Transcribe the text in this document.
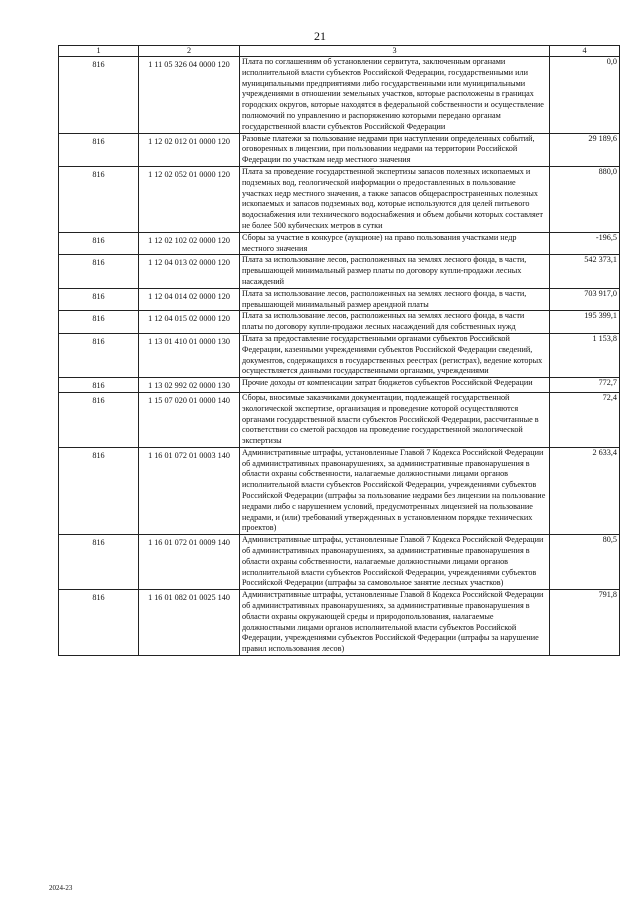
21
1	2	3	4
816	1 11 05 326 04 0000 120	Плата по соглашениям об установлении сервитута, заключенным органами исполнительной власти субъектов Российской Федерации, государственными или муниципальными предприятиями либо государственными или муниципальными учреждениями в отношении земельных участков, которые расположены в границах городских округов, которые находятся в федеральной собственности и осуществление полномочий по управлению и распоряжению которыми передано органам государственной власти субъектов Российской Федерации	0,0
816	1 12 02 012 01 0000 120	Разовые платежи за пользование недрами при наступлении определенных событий, оговоренных в лицензии, при пользовании недрами на территории Российской Федерации по участкам недр местного значения	29 189,6
816	1 12 02 052 01 0000 120	Плата за проведение государственной экспертизы запасов полезных ископаемых и подземных вод, геологической информации о предоставленных в пользование участках недр местного значения, а также запасов общераспространенных полезных ископаемых и запасов подземных вод, которые используются для целей питьевого водоснабжения или технического водоснабжения и объем добычи которых составляет не более 500 кубических метров в сутки	880,0
816	1 12 02 102 02 0000 120	Сборы за участие в конкурсе (аукционе) на право пользования участками недр местного значения	-196,5
816	1 12 04 013 02 0000 120	Плата за использование лесов, расположенных на землях лесного фонда, в части, превышающей минимальный размер платы по договору купли-продажи лесных насаждений	542 373,1
816	1 12 04 014 02 0000 120	Плата за использование лесов, расположенных на землях лесного фонда, в части, превышающей минимальный размер арендной платы	703 917,0
816	1 12 04 015 02 0000 120	Плата за использование лесов, расположенных на землях лесного фонда, в части платы по договору купли-продажи лесных насаждений для собственных нужд	195 399,1
816	1 13 01 410 01 0000 130	Плата за предоставление государственными органами субъектов Российской Федерации, казенными учреждениями субъектов Российской Федерации сведений, документов, содержащихся в государственных реестрах (регистрах), ведение которых осуществляется данными государственными органами, учреждениями	1 153,8
816	1 13 02 992 02 0000 130	Прочие доходы от компенсации затрат бюджетов субъектов Российской Федерации	772,7
816	1 15 07 020 01 0000 140	Сборы, вносимые заказчиками документации, подлежащей государственной экологической экспертизе, организация и проведение которой осуществляются органами государственной власти субъектов Российской Федерации, рассчитанные в соответствии со сметой расходов на проведение государственной экологической экспертизы	72,4
816	1 16 01 072 01 0003 140	Административные штрафы, установленные Главой 7 Кодекса Российской Федерации об административных правонарушениях, за административные правонарушения в области охраны собственности, налагаемые должностными лицами органов исполнительной власти субъектов Российской Федерации, учреждениями субъектов Российской Федерации (штрафы за пользование недрами без лицензии на пользование недрами либо с нарушением условий, предусмотренных лицензией на пользование недрами, и (или) требований утвержденных в установленном порядке технических проектов)	2 633,4
816	1 16 01 072 01 0009 140	Административные штрафы, установленные Главой 7 Кодекса Российской Федерации об административных правонарушениях, за административные правонарушения в области охраны собственности, налагаемые должностными лицами органов исполнительной власти субъектов Российской Федерации, учреждениями субъектов Российской Федерации (штрафы за самовольное занятие лесных участков)	80,5
816	1 16 01 082 01 0025 140	Административные штрафы, установленные Главой 8 Кодекса Российской Федерации об административных правонарушениях, за административные правонарушения в области охраны окружающей среды и природопользования, налагаемые должностными лицами органов исполнительной власти субъектов Российской Федерации, учреждениями субъектов Российской Федерации (штрафы за нарушение правил использования лесов)	791,8
2024-23
